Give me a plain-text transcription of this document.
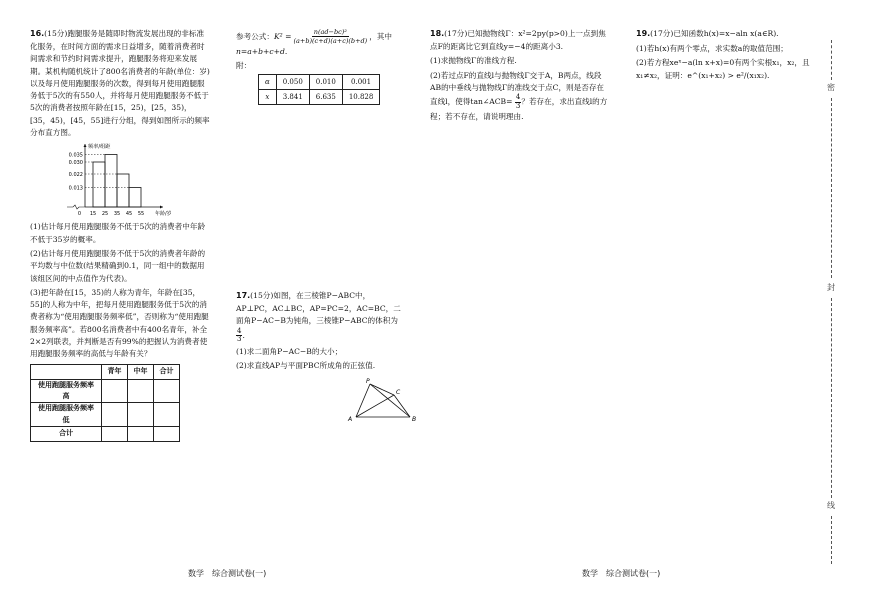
16.(15分)跑腿服务是随即时物流发展出现的非标准化服务，在时间方面的需求日益增多，随着消费者时间需求和节约时间需求提升，跑腿服务将迎来发展期。某机构随机统计了800名消费者的年龄(单位：岁)以及每月使用跑腿服务的次数，得到每月使用跑腿服务低于5次的有550人，并将每月使用跑腿服务不低于5次的消费者按照年龄在[15，25)，[25，35)，[35，45)，[45，55]进行分组，得到如图所示的频率分布直方图。

0.035
0.030
0.022
0.013
15 25 35 45 55
0
频率/组距
年龄/岁

(1)估计每月使用跑腿服务不低于5次的消费者中年龄不低于35岁的概率。

(2)估计每月使用跑腿服务不低于5次的消费者年龄的平均数与中位数(结果精确到0.1，同一组中的数据用该组区间的中点值作为代表)。

(3)把年龄在[15，35)的人称为青年，年龄在[35，55]的人称为中年，把每月使用跑腿服务低于5次的消费者称为“使用跑腿服务频率低”，否则称为“使用跑腿服务频率高”。若800名消费者中有400名青年，补全2×2列联表，并判断是否有99%的把握认为消费者使用跑腿服务频率的高低与年龄有关？

	青年	中年	合计
使用跑腿服务频率高			
使用跑腿服务频率低			
合计			
参考公式： $K^2 = \frac{\text{n(ad−bc)²}}{(a+b)(c+d)(a+c)(b+d)}$ ，其中

n=a+b+c+d.

附：

α	0.050	0.010	0.001
x	3.841	6.635	10.828

17.(15分)如图，在三棱锥P−ABC中，AP⊥PC，AC⊥BC，AP=PC=2，AC=BC，二面角P−AC−B为钝角，三棱锥P−ABC的体积为
$\frac{4}{3}$ .

(1)求二面角P−AC−B的大小；

(2)求直线AP与平面PBC所成角的正弦值.

P
C
A	B

18.(17分)已知抛物线Γ：x²=2py(p>0)上一点到焦点F的距离比它到直线y=−4的距离小3.

(1)求抛物线Γ的准线方程.

(2)若过点F的直线l与抛物线Γ交于A，B两点，线段AB的中垂线与抛物线Γ的准线交于点C，则是否存在直线l，使得tan∠ACB= $\frac{4}{3}$ ？若存在，求出直线l的方程；若不存在，请说明理由.

19.(17分)已知函数h(x)=x−aln x(a∈R).

(1)若h(x)有两个零点，求实数a的取值范围；

(2)若方程xeˣ−a(ln x+x)=0有两个实根x₁，x₂，且x₁≠x₂，证明：e^(x₁+x₂) > e²/(x₁x₂).

密
封
线
数学　综合测试卷(一)	数学　综合测试卷(一)
